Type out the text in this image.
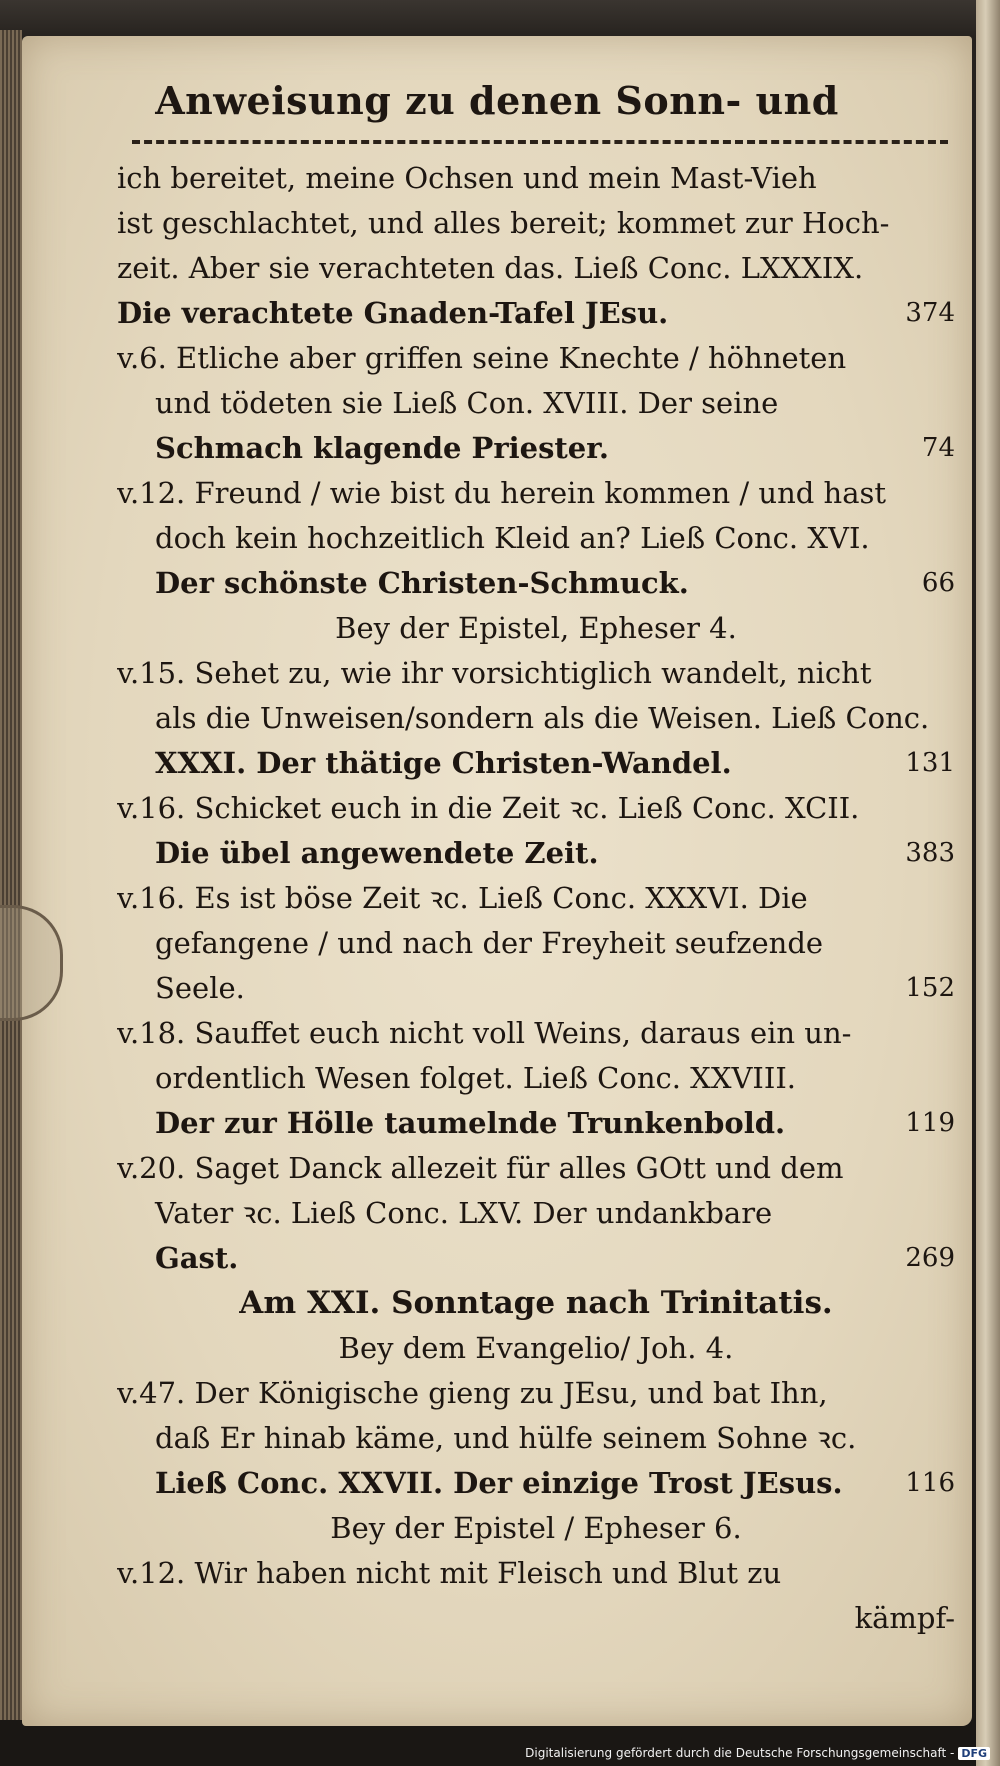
Anweisung zu denen Sonn- und
ich bereitet, meine Ochsen und mein Mast-Vieh
ist geschlachtet, und alles bereit; kommet zur Hoch-
zeit. Aber sie verachteten das. Ließ Conc. LXXXIX.
Die verachtete Gnaden-Tafel JEsu.	374
v.6. Etliche aber griffen seine Knechte / höhneten
und tödeten sie Ließ Con. XVIII. Der seine
Schmach klagende Priester.	74
v.12. Freund / wie bist du herein kommen / und hast
doch kein hochzeitlich Kleid an? Ließ Conc. XVI.
Der schönste Christen-Schmuck.	66
Bey der Epistel, Epheser 4.
v.15. Sehet zu, wie ihr vorsichtiglich wandelt, nicht
als die Unweisen/sondern als die Weisen. Ließ Conc.
XXXI. Der thätige Christen-Wandel.	131
v.16. Schicket euch in die Zeit ꝛc. Ließ Conc. XCII.
Die übel angewendete Zeit.	383
v.16. Es ist böse Zeit ꝛc. Ließ Conc. XXXVI. Die
gefangene / und nach der Freyheit seufzende
Seele.	152
v.18. Sauffet euch nicht voll Weins, daraus ein un-
ordentlich Wesen folget. Ließ Conc. XXVIII.
Der zur Hölle taumelnde Trunkenbold.	119
v.20. Saget Danck allezeit für alles GOtt und dem
Vater ꝛc. Ließ Conc. LXV. Der undankbare
Gast.	269
Am XXI. Sonntage nach Trinitatis.
Bey dem Evangelio/ Joh. 4.
v.47. Der Königische gieng zu JEsu, und bat Ihn,
daß Er hinab käme, und hülfe seinem Sohne ꝛc.
Ließ Conc. XXVII. Der einzige Trost JEsus. 116
Bey der Epistel / Epheser 6.
v.12. Wir haben nicht mit Fleisch und Blut zu
kämpf-
Digitalisierung gefördert durch die Deutsche Forschungsgemeinschaft - DFG
